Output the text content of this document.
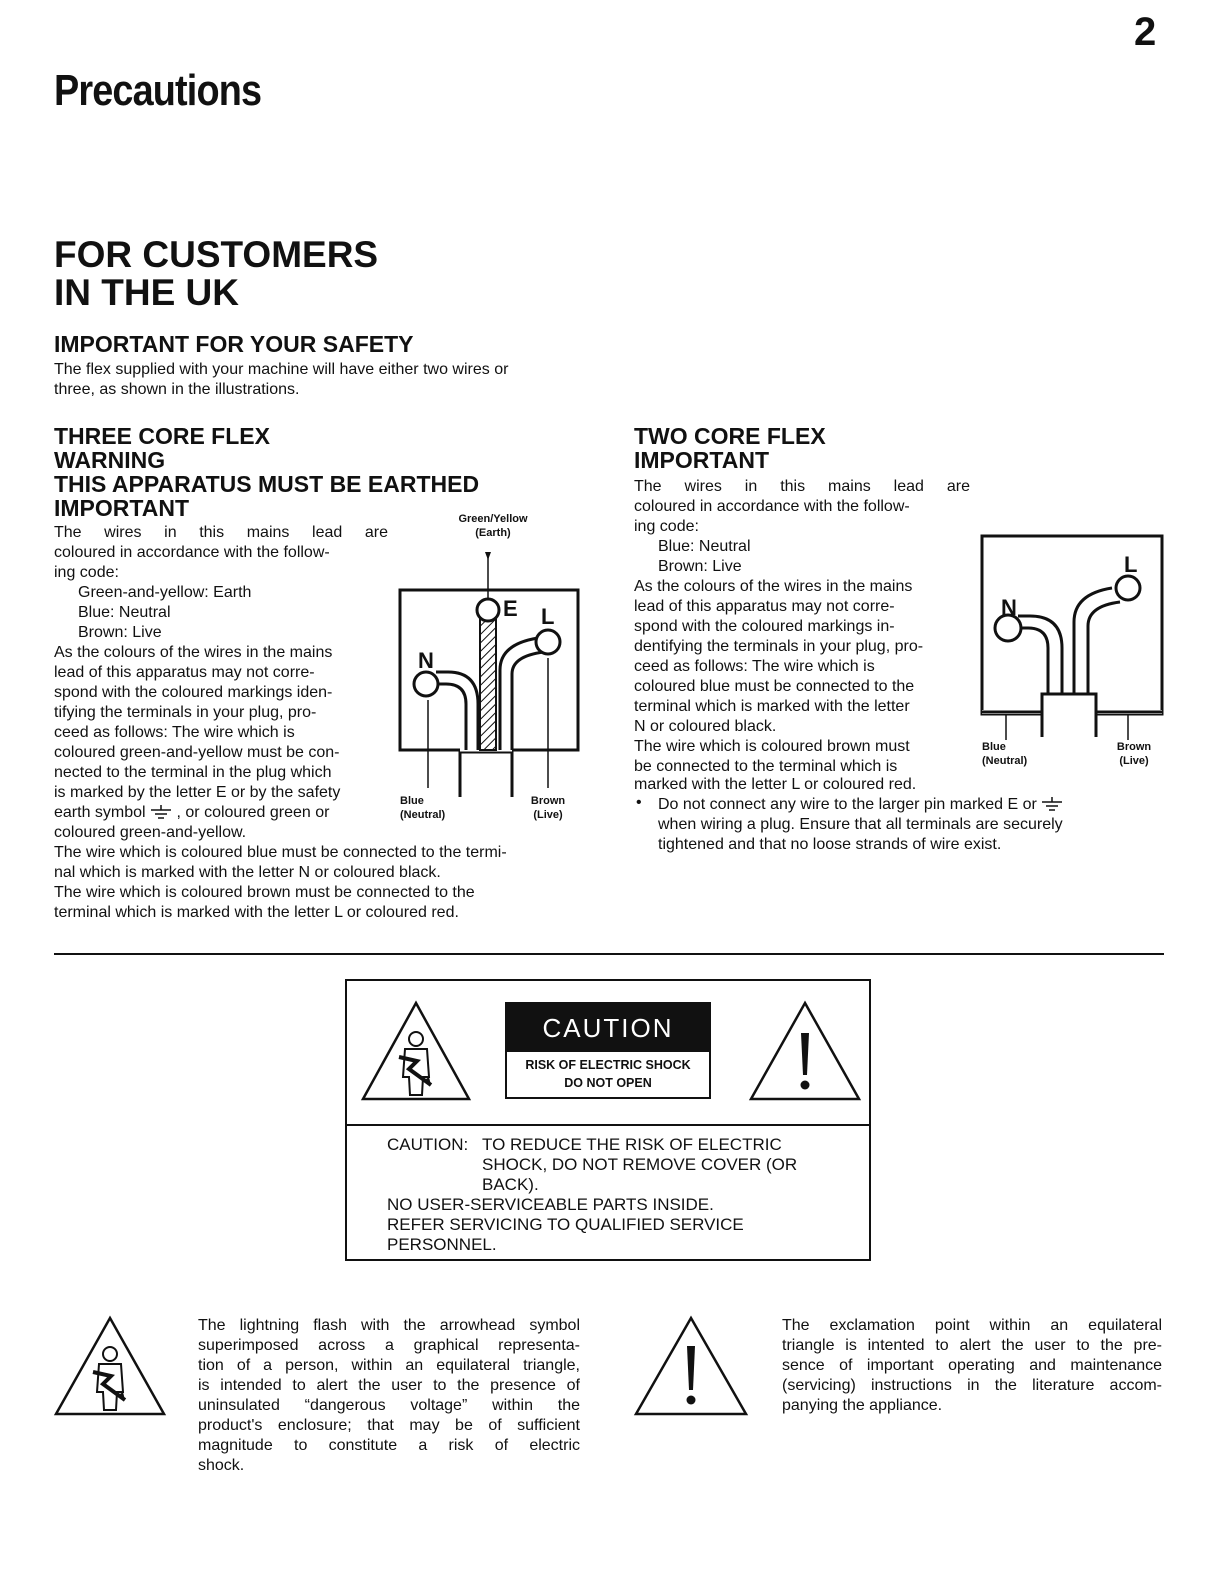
2
Precautions
FOR CUSTOMERS
IN THE UK
IMPORTANT FOR YOUR SAFETY
The flex supplied with your machine will have either two wires or
three, as shown in the illustrations.
THREE CORE FLEX
WARNING
THIS APPARATUS MUST BE EARTHED
IMPORTANT
The wires in this mains lead are
coloured in accordance with the follow-
ing code:
Green-and-yellow: Earth
Blue: Neutral
Brown: Live
As the colours of the wires in the mains
lead of this apparatus may not corre-
spond with the coloured markings iden-
tifying the terminals in your plug, pro-
ceed as follows: The wire which is
coloured green-and-yellow must be con-
nected to the terminal in the plug which
is marked by the letter E or by the safety
earth symbol  , or coloured green or
coloured green-and-yellow.
The wire which is coloured blue must be connected to the termi-
nal which is marked with the letter N or coloured black.
The wire which is coloured brown must be connected to the
terminal which is marked with the letter L or coloured red.
Green/Yellow
(Earth)
E L
N
Blue
(Neutral)
Brown
(Live)
TWO CORE FLEX
IMPORTANT
The wires in this mains lead are
coloured in accordance with the follow-
ing code:
Blue: Neutral
Brown: Live
As the colours of the wires in the mains
lead of this apparatus may not corre-
spond with the coloured markings in-
dentifying the terminals in your plug, pro-
ceed as follows: The wire which is
coloured blue must be connected to the
terminal which is marked with the letter
N or coloured black.
The wire which is coloured brown must
be connected to the terminal which is
marked with the letter L or coloured red.
• Do not connect any wire to the larger pin marked E or
when wiring a plug. Ensure that all terminals are securely
tightened and that no loose strands of wire exist.
L
N
Blue
(Neutral)
Brown
(Live)
CAUTION
RISK OF ELECTRIC SHOCK
DO NOT OPEN
CAUTION: TO REDUCE THE RISK OF ELECTRIC
SHOCK, DO NOT REMOVE COVER (OR
BACK).
NO USER-SERVICEABLE PARTS INSIDE.
REFER SERVICING TO QUALIFIED SERVICE
PERSONNEL.
The lightning flash with the arrowhead symbol
superimposed across a graphical representa-
tion of a person, within an equilateral triangle,
is intended to alert the user to the presence of
uninsulated “dangerous voltage” within the
product's enclosure; that may be of sufficient
magnitude to constitute a risk of electric
shock.
The exclamation point within an equilateral
triangle is intented to alert the user to the pre-
sence of important operating and maintenance
(servicing) instructions in the literature accom-
panying the appliance.
